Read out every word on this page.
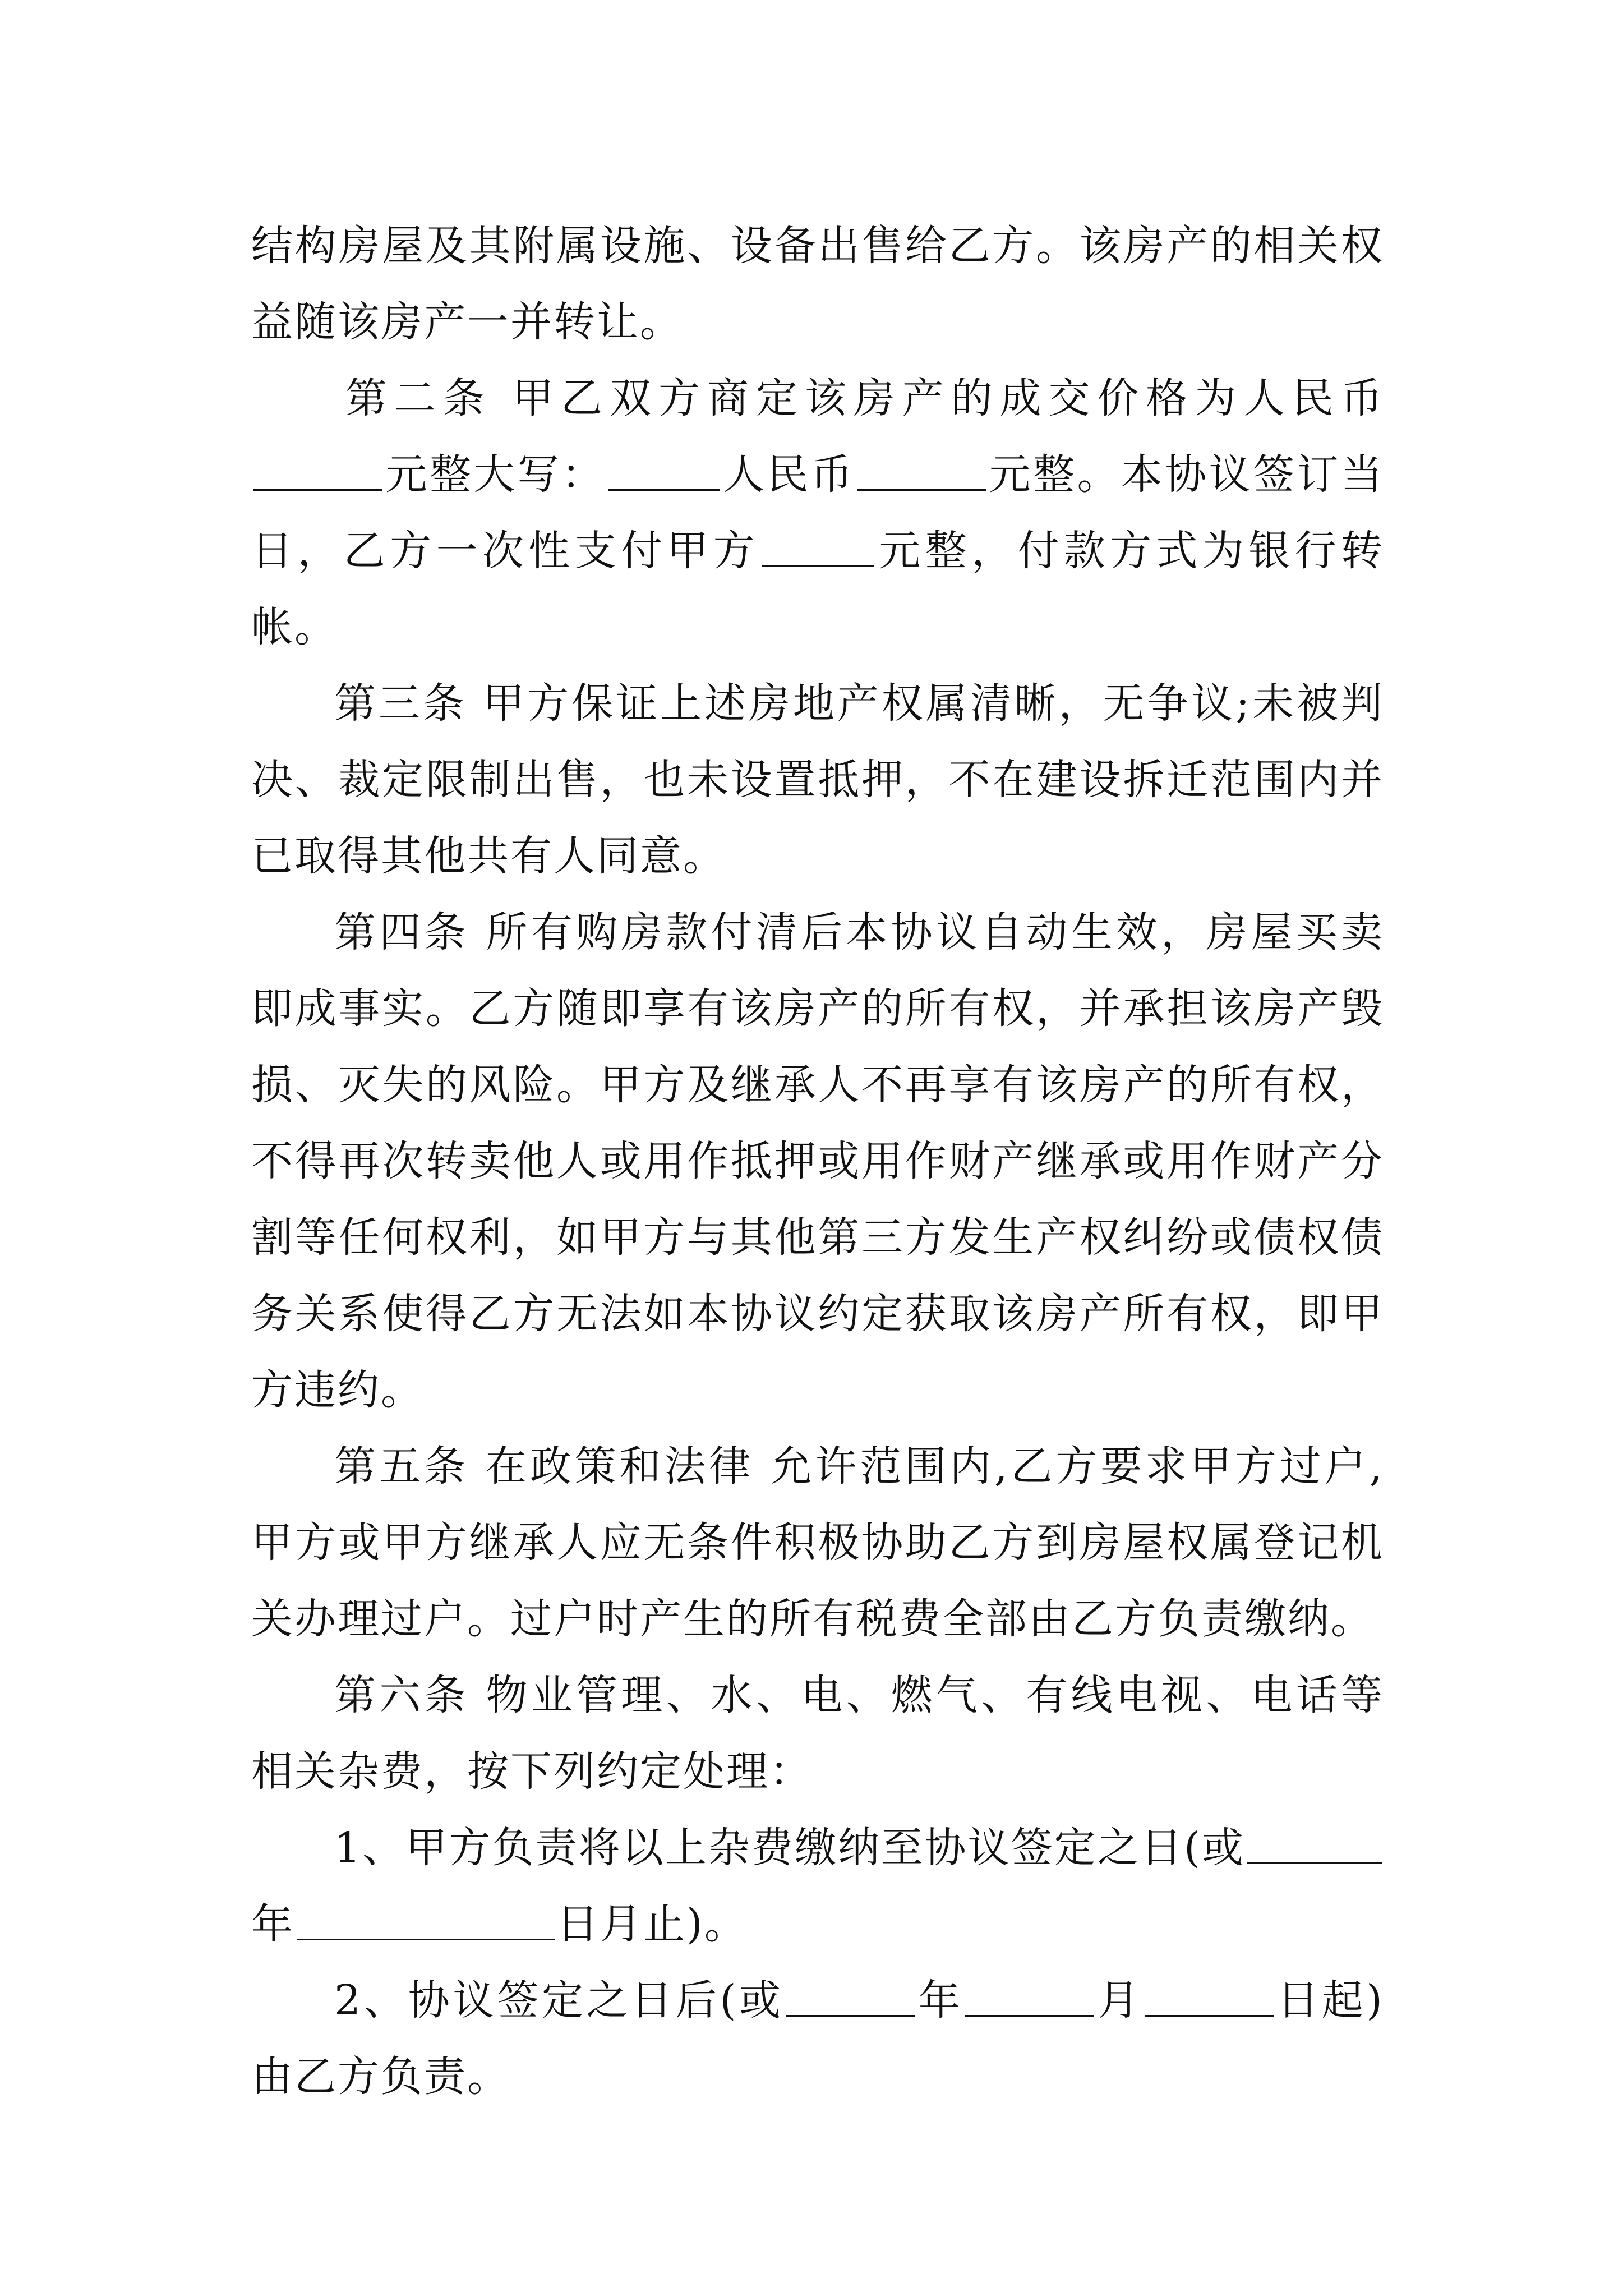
结构房屋及其附属设施、设备出售给乙方。该房产的相关权益随该房产一并转让。

第二条 甲乙双方商定该房产的成交价格为人民币元整大写：	人民币	元整。本协议签订当日，乙方一次性支付甲方	元整，付款方式为银行转帐。

第三条 甲方保证上述房地产权属清晰，无争议;未被判决、裁定限制出售，也未设置抵押，不在建设拆迁范围内并已取得其他共有人同意。

第四条 所有购房款付清后本协议自动生效，房屋买卖即成事实。乙方随即享有该房产的所有权，并承担该房产毁损、灭失的风险。甲方及继承人不再享有该房产的所有权，不得再次转卖他人或用作抵押或用作财产继承或用作财产分割等任何权利，如甲方与其他第三方发生产权纠纷或债权债务关系使得乙方无法如本协议约定获取该房产所有权，即甲方违约。

第五条 在政策和法律 允许范围内,乙方要求甲方过户,甲方或甲方继承人应无条件积极协助乙方到房屋权属登记机关办理过户。过户时产生的所有税费全部由乙方负责缴纳。

第六条 物业管理、水、电、燃气、有线电视、电话等相关杂费，按下列约定处理：

1、甲方负责将以上杂费缴纳至协议签定之日(或年	日月止)。

2、协议签定之日后(或	年	月	日起)由乙方负责。
